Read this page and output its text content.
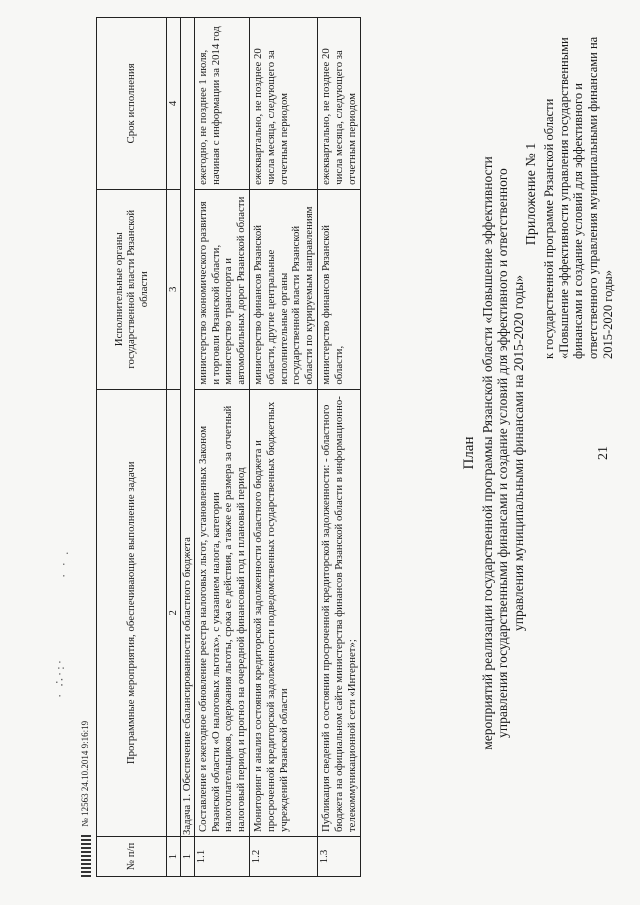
21
Приложение № 1 к государственной программе Рязанской области «Повышение эффективности управления государственными финансами и создание условий для эффективного и ответственного управления муниципальными финансами на 2015-2020 годы»
План мероприятий реализации государственной программы Рязанской области «Повышение эффективности управления государственными финансами и создание условий для эффективного и ответственного управления муниципальными финансами на 2015-2020 годы»
№ п/п	Программные мероприятия, обеспечивающие выполнение задачи	Исполнительные органы государственной власти Рязанской области	Срок исполнения
1	2	3	4
1	Задача 1. Обеспечение сбалансированности областного бюджета		
1.1	Составление и ежегодное обновление реестра налоговых льгот, установленных Законом Рязанской области «О налоговых льготах», с указанием налога, категории налогоплательщиков, содержания льготы, срока ее действия, а также ее размера за отчетный налоговый период и прогноз на очередной финансовый год и плановый период	министерство экономического развития и торговли Рязанской области, министерство транспорта и автомобильных дорог Рязанской области	ежегодно, не позднее 1 июля, начиная с информации за 2014 год
1.2	Мониторинг и анализ состояния кредиторской задолженности областного бюджета и просроченной кредиторской задолженности подведомственных государственных бюджетных учреждений Рязанской области	министерство финансов Рязанской области, другие центральные исполнительные органы государственной власти Рязанской области по курируемым направлениям	ежеквартально, не позднее 20 числа месяца, следующего за отчетным периодом
1.3	Публикация сведений о состоянии просроченной кредиторской задолженности: - областного бюджета на официальном сайте министерства финансов Рязанской области в информационно-телекоммуникационной сети «Интернет»;	министерство финансов Рязанской области,	ежеквартально, не позднее 20 числа месяца, следующего за отчетным периодом
№ 12563 24.10.2014 9:16:19
· ∴·:·
· · .
